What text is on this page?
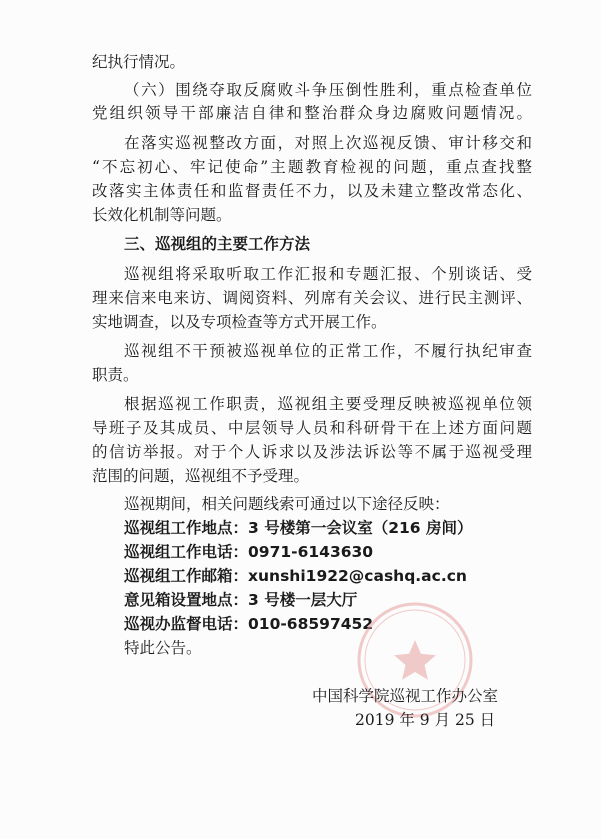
纪执行情况。
（六）围绕夺取反腐败斗争压倒性胜利，重点检查单位
党组织领导干部廉洁自律和整治群众身边腐败问题情况。
在落实巡视整改方面，对照上次巡视反馈、审计移交和
“不忘初心、牢记使命”主题教育检视的问题，重点查找整
改落实主体责任和监督责任不力，以及未建立整改常态化、
长效化机制等问题。
三、巡视组的主要工作方法
巡视组将采取听取工作汇报和专题汇报、个别谈话、受
理来信来电来访、调阅资料、列席有关会议、进行民主测评、
实地调查，以及专项检查等方式开展工作。
巡视组不干预被巡视单位的正常工作，不履行执纪审查
职责。
根据巡视工作职责，巡视组主要受理反映被巡视单位领
导班子及其成员、中层领导人员和科研骨干在上述方面问题
的信访举报。对于个人诉求以及涉法诉讼等不属于巡视受理
范围的问题，巡视组不予受理。
巡视期间，相关问题线索可通过以下途径反映：
巡视组工作地点：3 号楼第一会议室（216 房间）
巡视组工作电话：0971-6143630
巡视组工作邮箱：xunshi1922@cashq.ac.cn
意见箱设置地点：3 号楼一层大厅
巡视办监督电话：010-68597452
特此公告。
中国科学院巡视工作办公室
2019 年 9 月 25 日
